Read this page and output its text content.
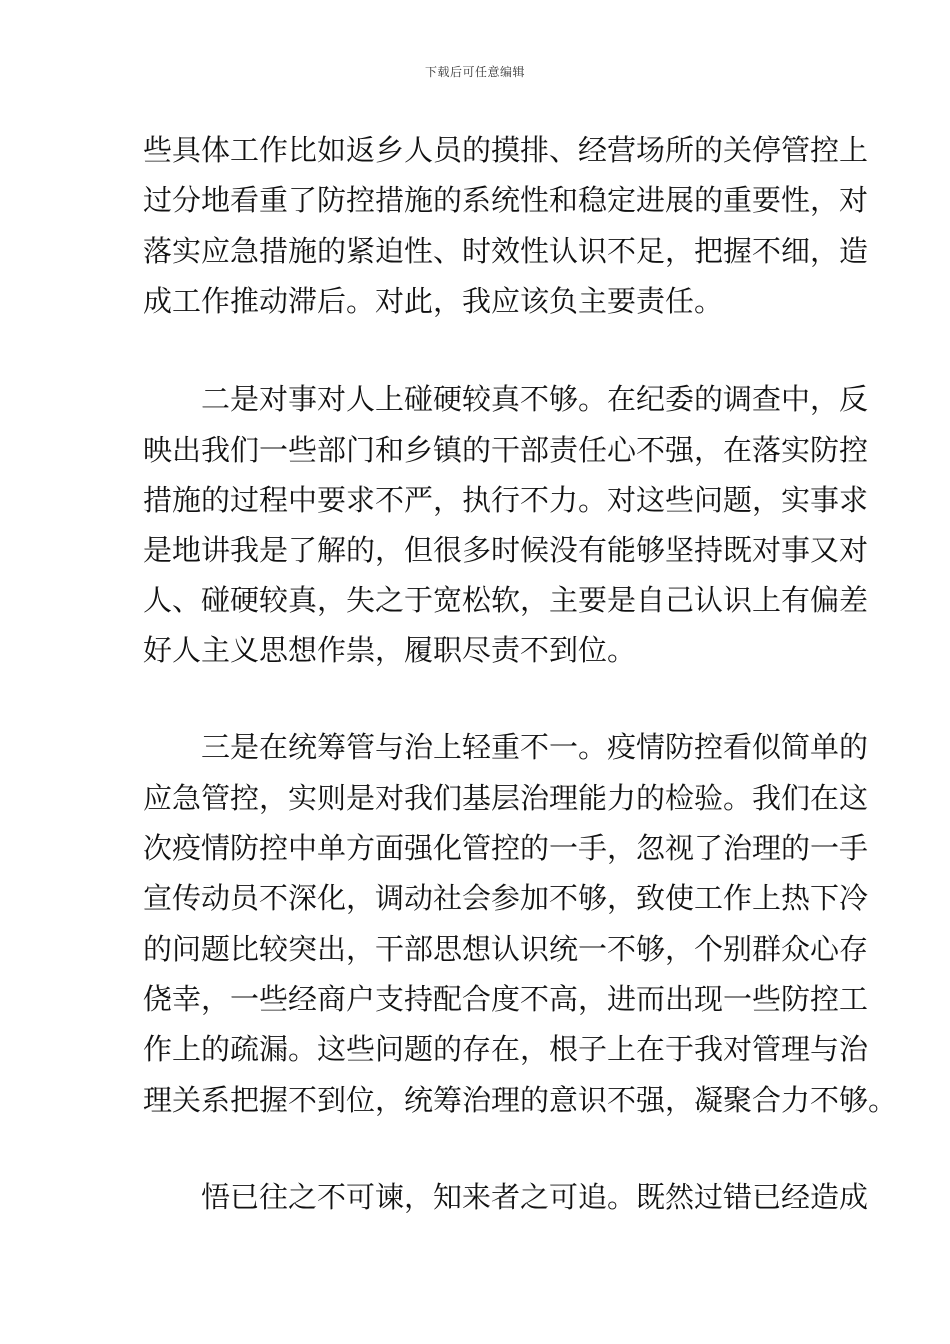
下载后可任意编辑
些具体工作比如返乡人员的摸排、经营场所的关停管控上
过分地看重了防控措施的系统性和稳定进展的重要性，对
落实应急措施的紧迫性、时效性认识不足，把握不细，造
成工作推动滞后。对此，我应该负主要责任。
二是对事对人上碰硬较真不够。在纪委的调查中，反
映出我们一些部门和乡镇的干部责任心不强，在落实防控
措施的过程中要求不严，执行不力。对这些问题，实事求
是地讲我是了解的，但很多时候没有能够坚持既对事又对
人、碰硬较真，失之于宽松软，主要是自己认识上有偏差
好人主义思想作祟，履职尽责不到位。
三是在统筹管与治上轻重不一。疫情防控看似简单的
应急管控，实则是对我们基层治理能力的检验。我们在这
次疫情防控中单方面强化管控的一手，忽视了治理的一手
宣传动员不深化，调动社会参加不够，致使工作上热下冷
的问题比较突出，干部思想认识统一不够，个别群众心存
侥幸，一些经商户支持配合度不高，进而出现一些防控工
作上的疏漏。这些问题的存在，根子上在于我对管理与治
理关系把握不到位，统筹治理的意识不强，凝聚合力不够。
悟已往之不可谏，知来者之可追。既然过错已经造成
